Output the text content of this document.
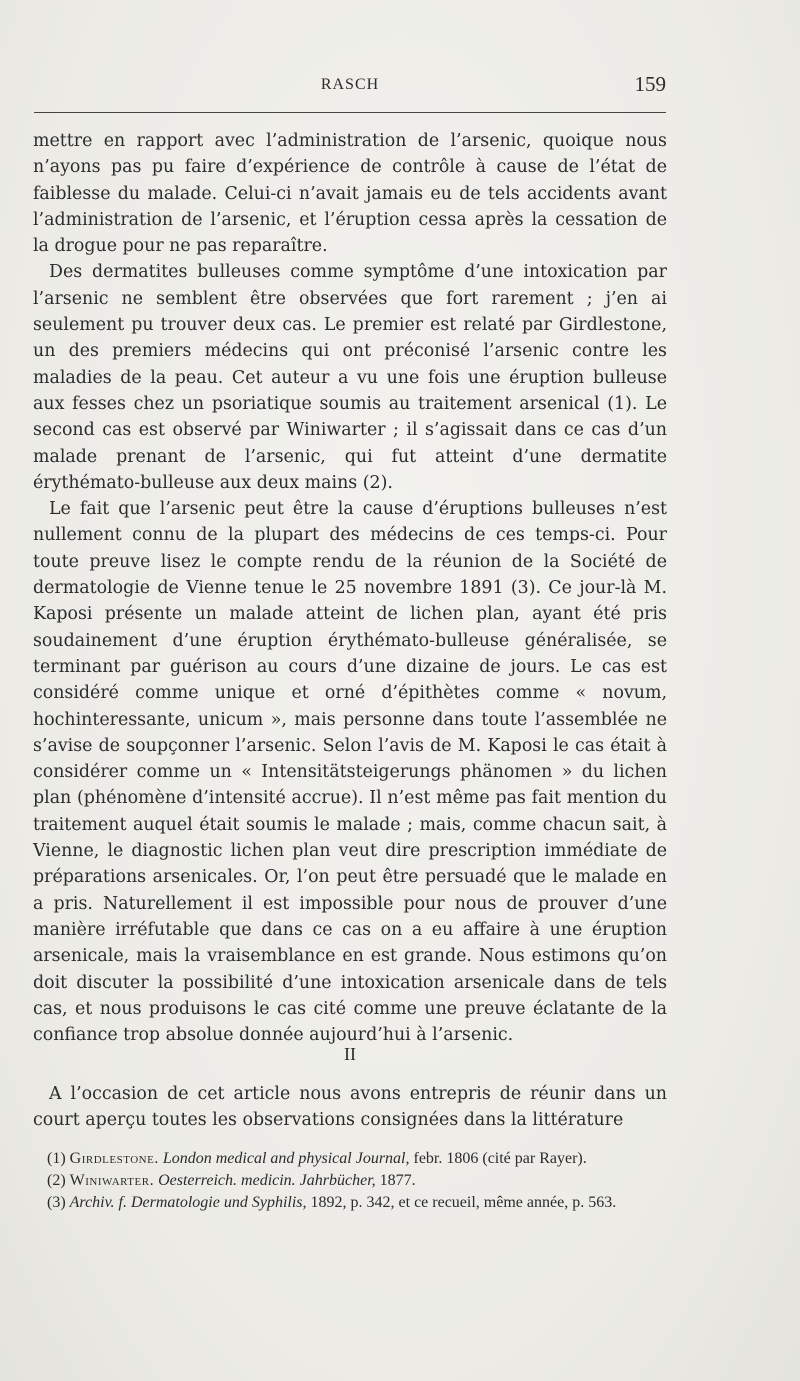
RASCH	159

mettre en rapport avec l’administration de l’arsenic, quoique nous n’ayons pas pu faire d’expérience de contrôle à cause de l’état de faiblesse du malade. Celui-ci n’avait jamais eu de tels accidents avant l’administration de l’arsenic, et l’éruption cessa après la cessation de la drogue pour ne pas reparaître.

Des dermatites bulleuses comme symptôme d’une intoxication par l’arsenic ne semblent être observées que fort rarement ; j’en ai seulement pu trouver deux cas. Le premier est relaté par Girdlestone, un des premiers médecins qui ont préconisé l’arsenic contre les maladies de la peau. Cet auteur a vu une fois une éruption bulleuse aux fesses chez un psoriatique soumis au traitement arsenical (1). Le second cas est observé par Winiwarter ; il s’agissait dans ce cas d’un malade prenant de l’arsenic, qui fut atteint d’une dermatite érythémato-bulleuse aux deux mains (2).

Le fait que l’arsenic peut être la cause d’éruptions bulleuses n’est nullement connu de la plupart des médecins de ces temps-ci. Pour toute preuve lisez le compte rendu de la réunion de la Société de dermatologie de Vienne tenue le 25 novembre 1891 (3). Ce jour-là M. Kaposi présente un malade atteint de lichen plan, ayant été pris soudainement d’une éruption érythémato-bulleuse généralisée, se terminant par guérison au cours d’une dizaine de jours. Le cas est considéré comme unique et orné d’épithètes comme « novum, hochinteressante, unicum », mais personne dans toute l’assemblée ne s’avise de soupçonner l’arsenic. Selon l’avis de M. Kaposi le cas était à considérer comme un « Intensitätsteigerungs phänomen » du lichen plan (phénomène d’intensité accrue). Il n’est même pas fait mention du traitement auquel était soumis le malade ; mais, comme chacun sait, à Vienne, le diagnostic lichen plan veut dire prescription immédiate de préparations arsenicales. Or, l’on peut être persuadé que le malade en a pris. Naturellement il est impossible pour nous de prouver d’une manière irréfutable que dans ce cas on a eu affaire à une éruption arsenicale, mais la vraisemblance en est grande. Nous estimons qu’on doit discuter la possibilité d’une intoxication arsenicale dans de tels cas, et nous produisons le cas cité comme une preuve éclatante de la confiance trop absolue donnée aujourd’hui à l’arsenic.

II

A l’occasion de cet article nous avons entrepris de réunir dans un court aperçu toutes les observations consignées dans la littérature

(1) Girdlestone. London medical and physical Journal, febr. 1806 (cité par Rayer).

(2) Winiwarter. Oesterreich. medicin. Jahrbücher, 1877.

(3) Archiv. f. Dermatologie und Syphilis, 1892, p. 342, et ce recueil, même année, p. 563.
